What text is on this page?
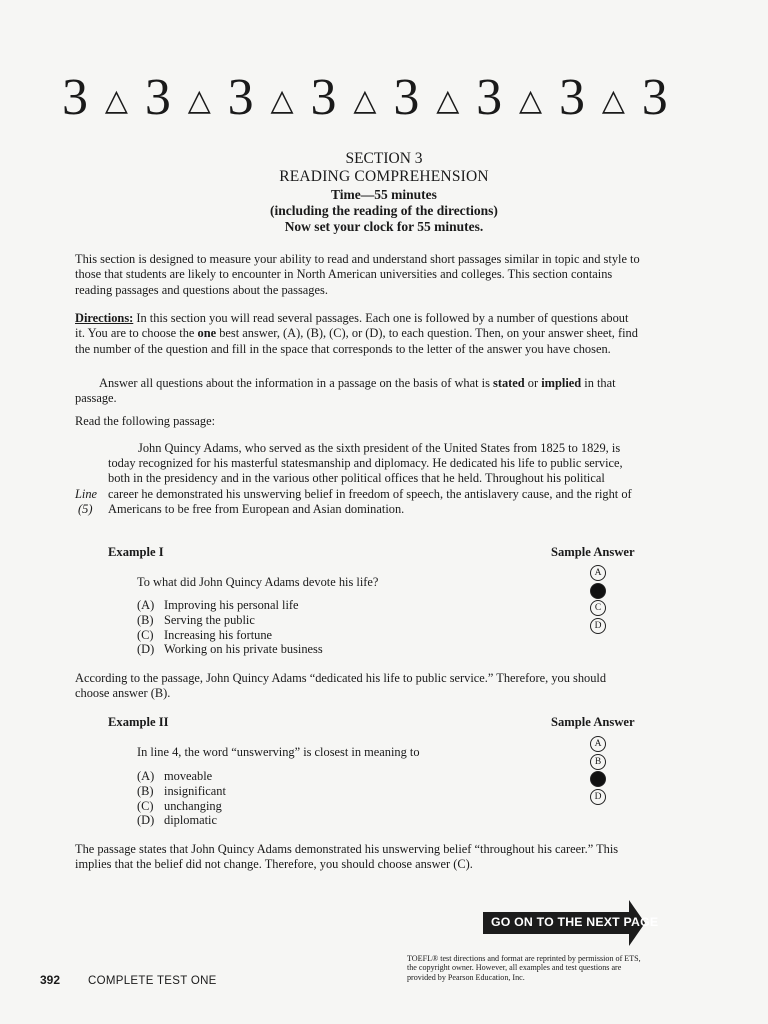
3 △ 3 △ 3 △ 3 △ 3 △ 3 △ 3 △ 3
SECTION 3
READING COMPREHENSION
Time—55 minutes
(including the reading of the directions)
Now set your clock for 55 minutes.

This section is designed to measure your ability to read and understand short passages similar in topic and style to those that students are likely to encounter in North American universities and colleges. This section contains reading passages and questions about the passages.

Directions: In this section you will read several passages. Each one is followed by a number of questions about it. You are to choose the one best answer, (A), (B), (C), or (D), to each question. Then, on your answer sheet, find the number of the question and fill in the space that corresponds to the letter of the answer you have chosen.

Answer all questions about the information in a passage on the basis of what is stated or implied in that passage.

Read the following passage:

John Quincy Adams, who served as the sixth president of the United States from 1825 to 1829, is today recognized for his masterful statesmanship and diplomacy. He dedicated his life to public service, both in the presidency and in the various other political offices that he held. Throughout his political career he demonstrated his unswerving belief in freedom of speech, the antislavery cause, and the right of Americans to be free from European and Asian domination.

Line
(5)
Example I	Sample Answer
To what did John Quincy Adams devote his life?
(A) Improving his personal life
(B) Serving the public
(C) Increasing his fortune
(D) Working on his private business
A
B
C
D

According to the passage, John Quincy Adams “dedicated his life to public service.” Therefore, you should choose answer (B).

Example II	Sample Answer
In line 4, the word “unswerving” is closest in meaning to
(A) moveable
(B) insignificant
(C) unchanging
(D) diplomatic
A
B
C
D

The passage states that John Quincy Adams demonstrated his unswerving belief “throughout his career.” This implies that the belief did not change. Therefore, you should choose answer (C).

GO ON TO THE NEXT PAGE

TOEFL® test directions and format are reprinted by permission of ETS, the copyright owner. However, all examples and test questions are provided by Pearson Education, Inc.

392 COMPLETE TEST ONE
